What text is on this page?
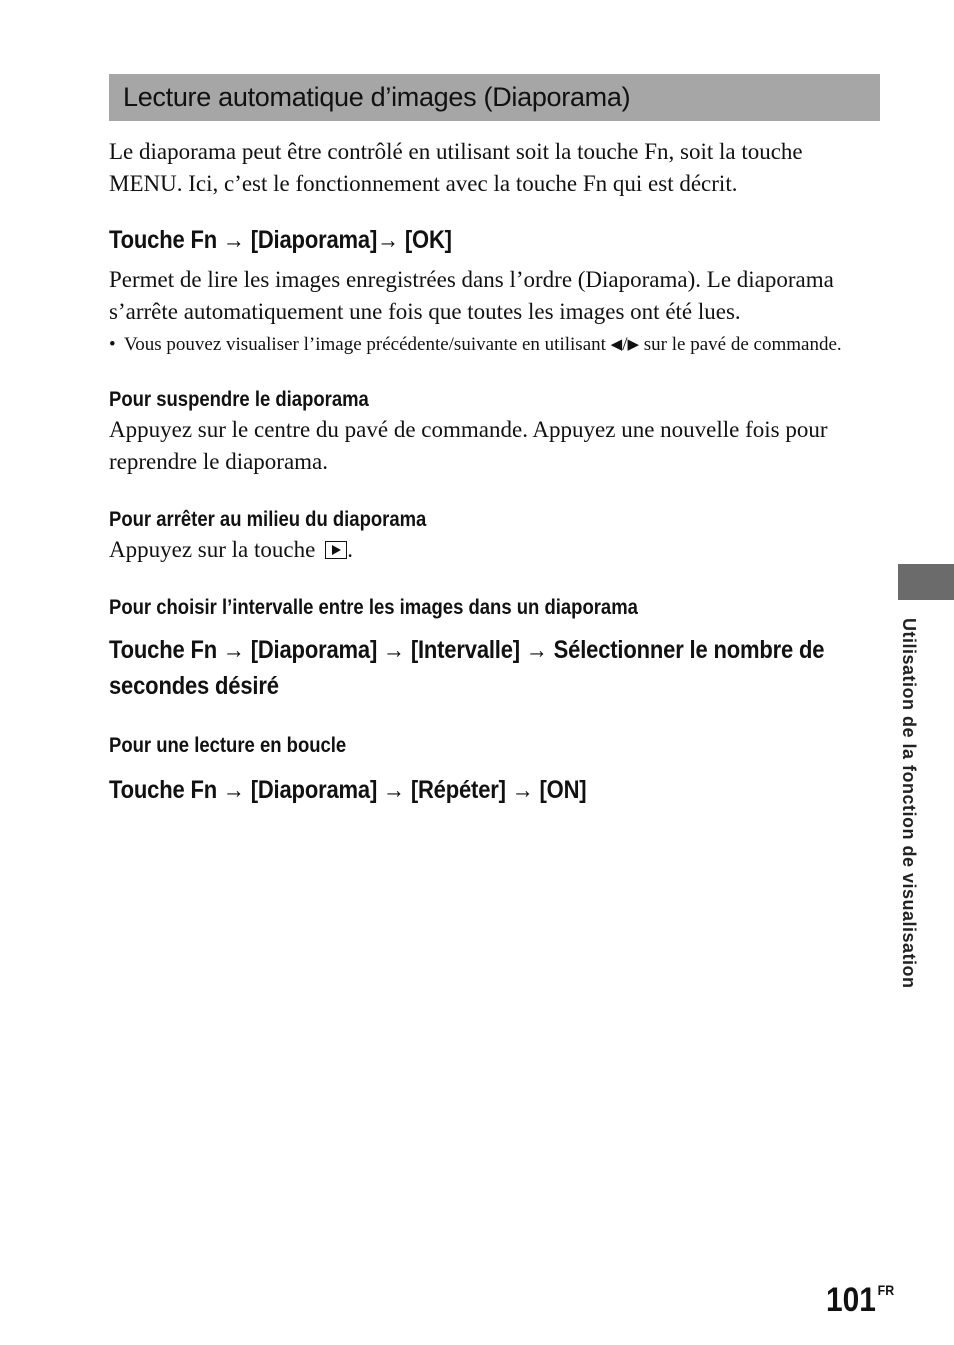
Lecture automatique d’images (Diaporama)

Le diaporama peut être contrôlé en utilisant soit la touche Fn, soit la touche MENU. Ici, c’est le fonctionnement avec la touche Fn qui est décrit.

Touche Fn → [Diaporama]→ [OK]

Permet de lire les images enregistrées dans l’ordre (Diaporama). Le diaporama s’arrête automatiquement une fois que toutes les images ont été lues.

• Vous pouvez visualiser l’image précédente/suivante en utilisant ◀/▶ sur le pavé de commande.

Pour suspendre le diaporama

Appuyez sur le centre du pavé de commande. Appuyez une nouvelle fois pour reprendre le diaporama.

Pour arrêter au milieu du diaporama

Appuyez sur la touche .

Pour choisir l’intervalle entre les images dans un diaporama

Touche Fn → [Diaporama] → [Intervalle] → Sélectionner le nombre de secondes désiré

Pour une lecture en boucle

Touche Fn → [Diaporama] → [Répéter] → [ON]	Utilisation de la fonction de visualisation
101 $^{FR}$
